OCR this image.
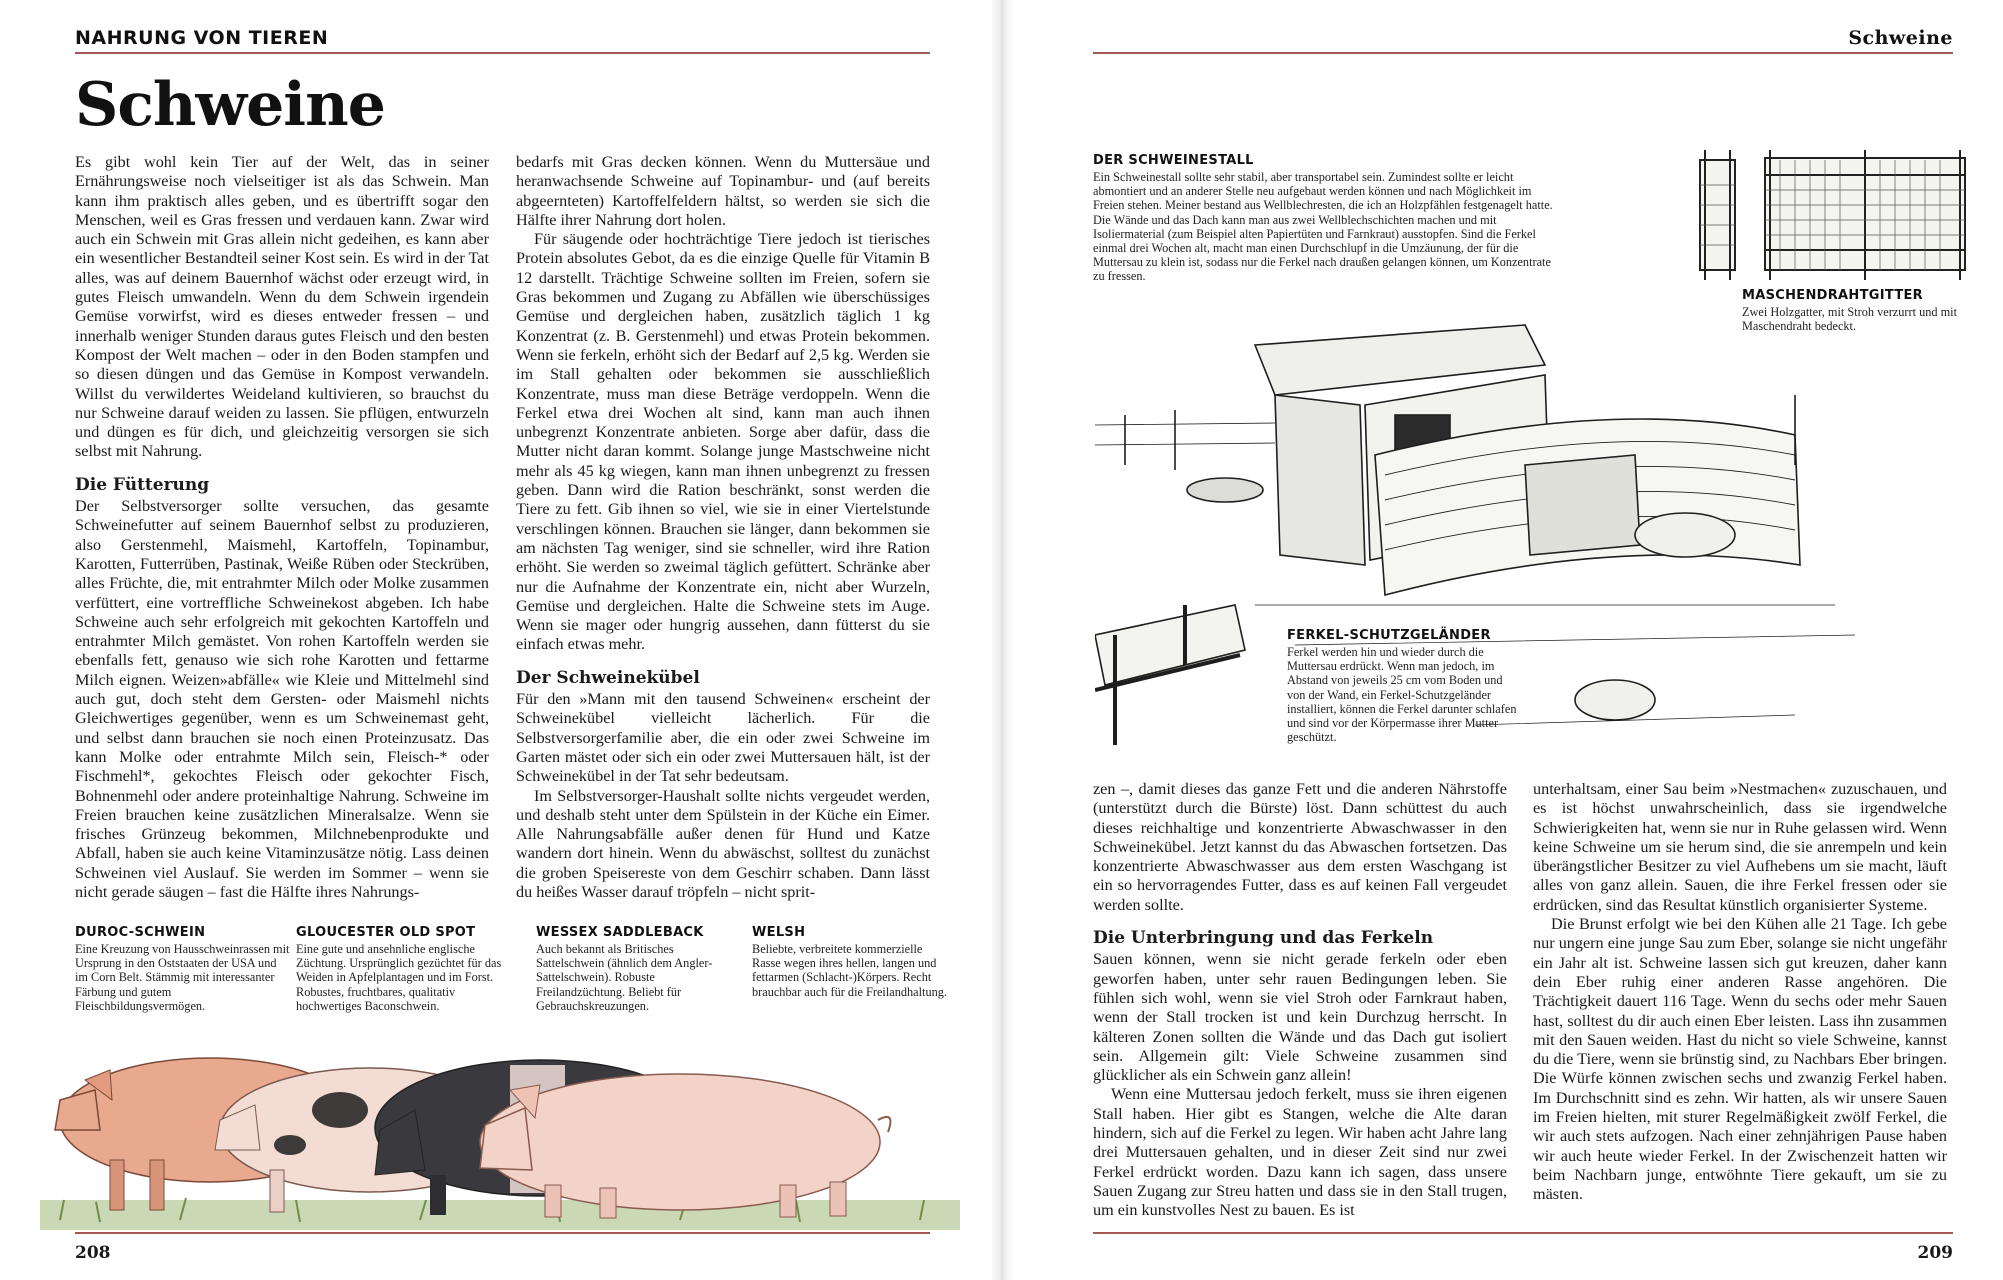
NAHRUNG VON TIEREN
Schweine

Es gibt wohl kein Tier auf der Welt, das in seiner Ernährungsweise noch vielseitiger ist als das Schwein. Man kann ihm praktisch alles geben, und es übertrifft sogar den Menschen, weil es Gras fressen und verdauen kann. Zwar wird auch ein Schwein mit Gras allein nicht gedeihen, es kann aber ein wesentlicher Bestandteil seiner Kost sein. Es wird in der Tat alles, was auf deinem Bauernhof wächst oder erzeugt wird, in gutes Fleisch umwandeln. Wenn du dem Schwein irgendein Gemüse vorwirfst, wird es dieses entweder fressen – und innerhalb weniger Stunden daraus gutes Fleisch und den besten Kompost der Welt machen – oder in den Boden stampfen und so diesen düngen und das Gemüse in Kompost verwandeln. Willst du verwildertes Weideland kultivieren, so brauchst du nur Schweine darauf weiden zu lassen. Sie pflügen, entwurzeln und düngen es für dich, und gleichzeitig versorgen sie sich selbst mit Nahrung.

Die Fütterung

Der Selbstversorger sollte versuchen, das gesamte Schweinefutter auf seinem Bauernhof selbst zu produzieren, also Gerstenmehl, Maismehl, Kartoffeln, Topinambur, Karotten, Futterrüben, Pastinak, Weiße Rüben oder Steckrüben, alles Früchte, die, mit entrahmter Milch oder Molke zusammen verfüttert, eine vortreffliche Schweinekost abgeben. Ich habe Schweine auch sehr erfolgreich mit gekochten Kartoffeln und entrahmter Milch gemästet. Von rohen Kartoffeln werden sie ebenfalls fett, genauso wie sich rohe Karotten und fettarme Milch eignen. Weizen»abfälle« wie Kleie und Mittelmehl sind auch gut, doch steht dem Gersten- oder Maismehl nichts Gleichwertiges gegenüber, wenn es um Schweinemast geht, und selbst dann brauchen sie noch einen Proteinzusatz. Das kann Molke oder entrahmte Milch sein, Fleisch-* oder Fischmehl*, gekochtes Fleisch oder gekochter Fisch, Bohnenmehl oder andere proteinhaltige Nahrung. Schweine im Freien brauchen keine zusätzlichen Mineralsalze. Wenn sie frisches Grünzeug bekommen, Milchnebenprodukte und Abfall, haben sie auch keine Vitaminzusätze nötig. Lass deinen Schweinen viel Auslauf. Sie werden im Sommer – wenn sie nicht gerade säugen – fast die Hälfte ihres Nahrungs-

bedarfs mit Gras decken können. Wenn du Muttersäue und heranwachsende Schweine auf Topinambur- und (auf bereits abgeernteten) Kartoffelfeldern hältst, so werden sie sich die Hälfte ihrer Nahrung dort holen.

Für säugende oder hochträchtige Tiere jedoch ist tierisches Protein absolutes Gebot, da es die einzige Quelle für Vitamin B 12 darstellt. Trächtige Schweine sollten im Freien, sofern sie Gras bekommen und Zugang zu Abfällen wie überschüssiges Gemüse und dergleichen haben, zusätzlich täglich 1 kg Konzentrat (z. B. Gerstenmehl) und etwas Protein bekommen. Wenn sie ferkeln, erhöht sich der Bedarf auf 2,5 kg. Werden sie im Stall gehalten oder bekommen sie ausschließlich Konzentrate, muss man diese Beträge verdoppeln. Wenn die Ferkel etwa drei Wochen alt sind, kann man auch ihnen unbegrenzt Konzentrate anbieten. Sorge aber dafür, dass die Mutter nicht daran kommt. Solange junge Mastschweine nicht mehr als 45 kg wiegen, kann man ihnen unbegrenzt zu fressen geben. Dann wird die Ration beschränkt, sonst werden die Tiere zu fett. Gib ihnen so viel, wie sie in einer Viertelstunde verschlingen können. Brauchen sie länger, dann bekommen sie am nächsten Tag weniger, sind sie schneller, wird ihre Ration erhöht. Sie werden so zweimal täglich gefüttert. Schränke aber nur die Aufnahme der Konzentrate ein, nicht aber Wurzeln, Gemüse und dergleichen. Halte die Schweine stets im Auge. Wenn sie mager oder hungrig aussehen, dann fütterst du sie einfach etwas mehr.

Der Schweinekübel

Für den »Mann mit den tausend Schweinen« erscheint der Schweinekübel vielleicht lächerlich. Für die Selbstversorgerfamilie aber, die ein oder zwei Schweine im Garten mästet oder sich ein oder zwei Muttersauen hält, ist der Schweinekübel in der Tat sehr bedeutsam.

Im Selbstversorger-Haushalt sollte nichts vergeudet werden, und deshalb steht unter dem Spülstein in der Küche ein Eimer. Alle Nahrungsabfälle außer denen für Hund und Katze wandern dort hinein. Wenn du abwäschst, solltest du zunächst die groben Speisereste von dem Geschirr schaben. Dann lässt du heißes Wasser darauf tröpfeln – nicht sprit-

DUROC-SCHWEIN

Eine Kreuzung von Hausschweinrassen mit Ursprung in den Oststaaten der USA und im Corn Belt. Stämmig mit interessanter Färbung und gutem Fleischbildungsvermögen.

GLOUCESTER OLD SPOT

Eine gute und ansehnliche englische Züchtung. Ursprünglich gezüchtet für das Weiden in Apfelplantagen und im Forst. Robustes, fruchtbares, qualitativ hochwertiges Baconschwein.

WESSEX SADDLEBACK

Auch bekannt als Britisches Sattelschwein (ähnlich dem Angler-Sattelschwein). Robuste Freilandzüchtung. Beliebt für Gebrauchskreuzungen.

WELSH

Beliebte, verbreitete kommerzielle Rasse wegen ihres hellen, langen und fettarmen (Schlacht-)Körpers. Recht brauchbar auch für die Freilandhaltung.

208
Schweine
DER SCHWEINESTALL

Ein Schweinestall sollte sehr stabil, aber transportabel sein. Zumindest sollte er leicht abmontiert und an anderer Stelle neu aufgebaut werden können und nach Möglichkeit im Freien stehen. Meiner bestand aus Wellblechresten, die ich an Holzpfählen festgenagelt hatte. Die Wände und das Dach kann man aus zwei Wellblechschichten machen und mit Isoliermaterial (zum Beispiel alten Papiertüten und Farnkraut) ausstopfen. Sind die Ferkel einmal drei Wochen alt, macht man einen Durchschlupf in die Umzäunung, der für die Muttersau zu klein ist, sodass nur die Ferkel nach draußen gelangen können, um Konzentrate zu fressen.

MASCHENDRAHTGITTER

Zwei Holzgatter, mit Stroh verzurrt und mit Maschendraht bedeckt.

FERKEL-SCHUTZGELÄNDER

Ferkel werden hin und wieder durch die Muttersau erdrückt. Wenn man jedoch, im Abstand von jeweils 25 cm vom Boden und von der Wand, ein Ferkel-Schutzgeländer installiert, können die Ferkel darunter schlafen und sind vor der Körpermasse ihrer Mutter geschützt.

zen –, damit dieses das ganze Fett und die anderen Nährstoffe (unterstützt durch die Bürste) löst. Dann schüttest du auch dieses reichhaltige und konzentrierte Abwaschwasser in den Schweinekübel. Jetzt kannst du das Abwaschen fortsetzen. Das konzentrierte Abwaschwasser aus dem ersten Waschgang ist ein so hervorragendes Futter, dass es auf keinen Fall vergeudet werden sollte.

Die Unterbringung und das Ferkeln

Sauen können, wenn sie nicht gerade ferkeln oder eben geworfen haben, unter sehr rauen Bedingungen leben. Sie fühlen sich wohl, wenn sie viel Stroh oder Farnkraut haben, wenn der Stall trocken ist und kein Durchzug herrscht. In kälteren Zonen sollten die Wände und das Dach gut isoliert sein. Allgemein gilt: Viele Schweine zusammen sind glücklicher als ein Schwein ganz allein!

Wenn eine Muttersau jedoch ferkelt, muss sie ihren eigenen Stall haben. Hier gibt es Stangen, welche die Alte daran hindern, sich auf die Ferkel zu legen. Wir haben acht Jahre lang drei Muttersauen gehalten, und in dieser Zeit sind nur zwei Ferkel erdrückt worden. Dazu kann ich sagen, dass unsere Sauen Zugang zur Streu hatten und dass sie in den Stall trugen, um ein kunstvolles Nest zu bauen. Es ist

unterhaltsam, einer Sau beim »Nestmachen« zuzuschauen, und es ist höchst unwahrscheinlich, dass sie irgendwelche Schwierigkeiten hat, wenn sie nur in Ruhe gelassen wird. Wenn keine Schweine um sie herum sind, die sie anrempeln und kein überängstlicher Besitzer zu viel Aufhebens um sie macht, läuft alles von ganz allein. Sauen, die ihre Ferkel fressen oder sie erdrücken, sind das Resultat künstlich organisierter Systeme.

Die Brunst erfolgt wie bei den Kühen alle 21 Tage. Ich gebe nur ungern eine junge Sau zum Eber, solange sie nicht ungefähr ein Jahr alt ist. Schweine lassen sich gut kreuzen, daher kann dein Eber ruhig einer anderen Rasse angehören. Die Trächtigkeit dauert 116 Tage. Wenn du sechs oder mehr Sauen hast, solltest du dir auch einen Eber leisten. Lass ihn zusammen mit den Sauen weiden. Hast du nicht so viele Schweine, kannst du die Tiere, wenn sie brünstig sind, zu Nachbars Eber bringen. Die Würfe können zwischen sechs und zwanzig Ferkel haben. Im Durchschnitt sind es zehn. Wir hatten, als wir unsere Sauen im Freien hielten, mit sturer Regelmäßigkeit zwölf Ferkel, die wir auch stets aufzogen. Nach einer zehnjährigen Pause haben wir auch heute wieder Ferkel. In der Zwischenzeit hatten wir beim Nachbarn junge, entwöhnte Tiere gekauft, um sie zu mästen.

209
